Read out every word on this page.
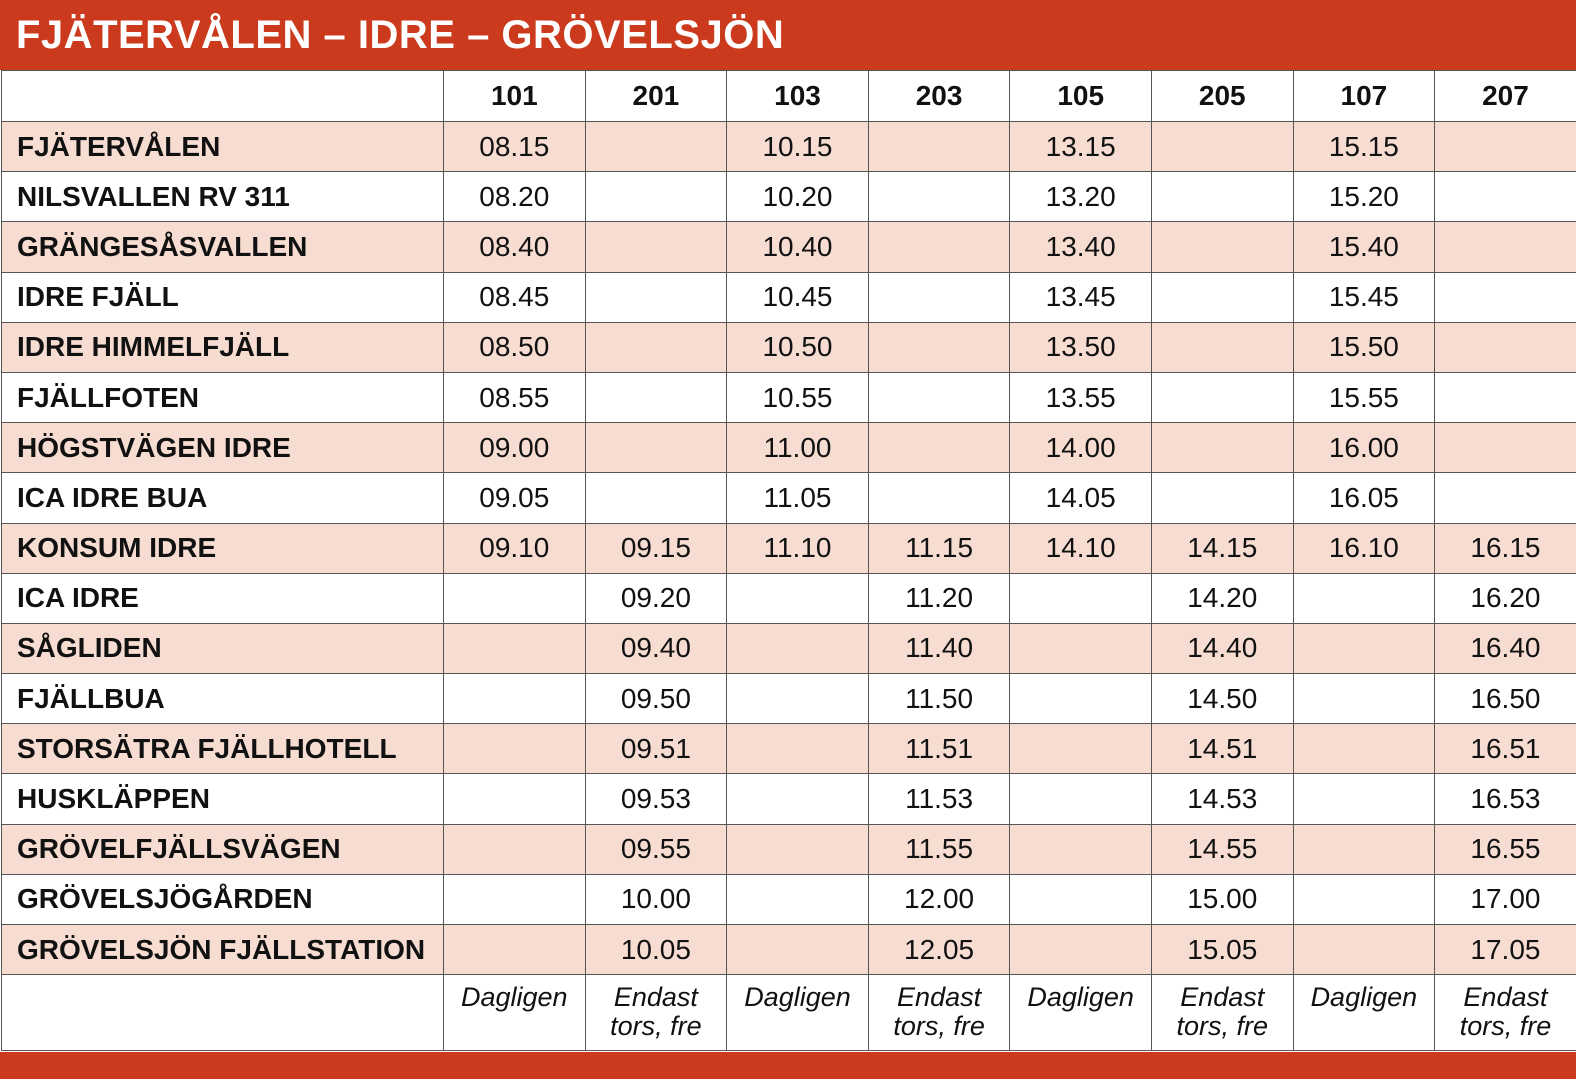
FJÄTERVÅLEN – IDRE – GRÖVELSJÖN
	101	201	103	203	105	205	107	207
FJÄTERVÅLEN	08.15		10.15		13.15		15.15	
NILSVALLEN RV 311	08.20		10.20		13.20		15.20	
GRÄNGESÅSVALLEN	08.40		10.40		13.40		15.40	
IDRE FJÄLL	08.45		10.45		13.45		15.45	
IDRE HIMMELFJÄLL	08.50		10.50		13.50		15.50	
FJÄLLFOTEN	08.55		10.55		13.55		15.55	
HÖGSTVÄGEN IDRE	09.00		11.00		14.00		16.00	
ICA IDRE BUA	09.05		11.05		14.05		16.05	
KONSUM IDRE	09.10	09.15	11.10	11.15	14.10	14.15	16.10	16.15
ICA IDRE		09.20		11.20		14.20		16.20
SÅGLIDEN		09.40		11.40		14.40		16.40
FJÄLLBUA		09.50		11.50		14.50		16.50
STORSÄTRA FJÄLLHOTELL		09.51		11.51		14.51		16.51
HUSKLÄPPEN		09.53		11.53		14.53		16.53
GRÖVELFJÄLLSVÄGEN		09.55		11.55		14.55		16.55
GRÖVELSJÖGÅRDEN		10.00		12.00		15.00		17.00
GRÖVELSJÖN FJÄLLSTATION		10.05		12.05		15.05		17.05
	Dagligen	Endast tors, fre	Dagligen	Endast tors, fre	Dagligen	Endast tors, fre	Dagligen	Endast tors, fre
